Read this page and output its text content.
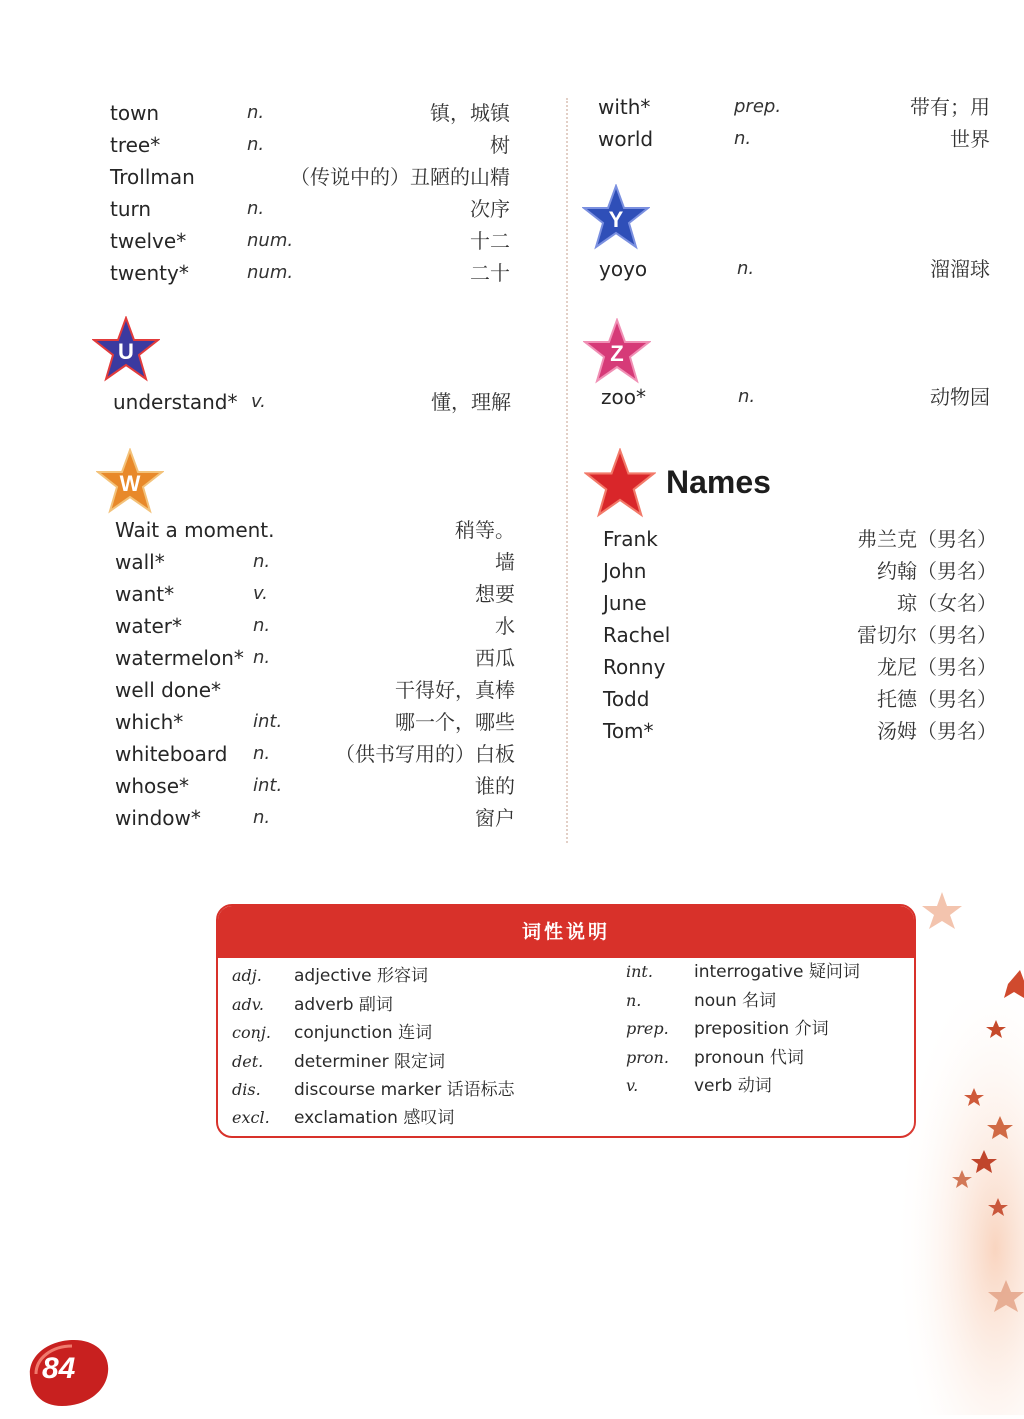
town	n.	镇，城镇
tree*	n.	树
Trollman	（传说中的）丑陋的山精
turn	n.	次序
twelve*	num.	十二
twenty*	num.	二十
U
understand* v.	懂，理解
W
Wait a moment.	稍等。
wall*	n.	墙
want*	v.	想要
water*	n.	水
watermelon* n.	西瓜
well done*	干得好，真棒
which*	int.	哪一个，哪些
whiteboard n.	（供书写用的）白板
whose*	int.	谁的
window*	n.	窗户
with*	prep.	带有；用
world	n.	世界
Y
yoyo	n.	溜溜球
Z
zoo*	n.	动物园
Names
Frank	弗兰克（男名）
John	约翰（男名）
June	琼（女名）
Rachel	雷切尔（男名）
Ronny	龙尼（男名）
Todd	托德（男名）
Tom*	汤姆（男名）
词性说明
adj. adjective 形容词
adv. adverb 副词
conj. conjunction 连词
det. determiner 限定词
dis. discourse marker 话语标志
excl. exclamation 感叹词
int. interrogative 疑问词
n.	noun 名词
prep. preposition 介词
pron. pronoun 代词
v.	verb 动词
84
